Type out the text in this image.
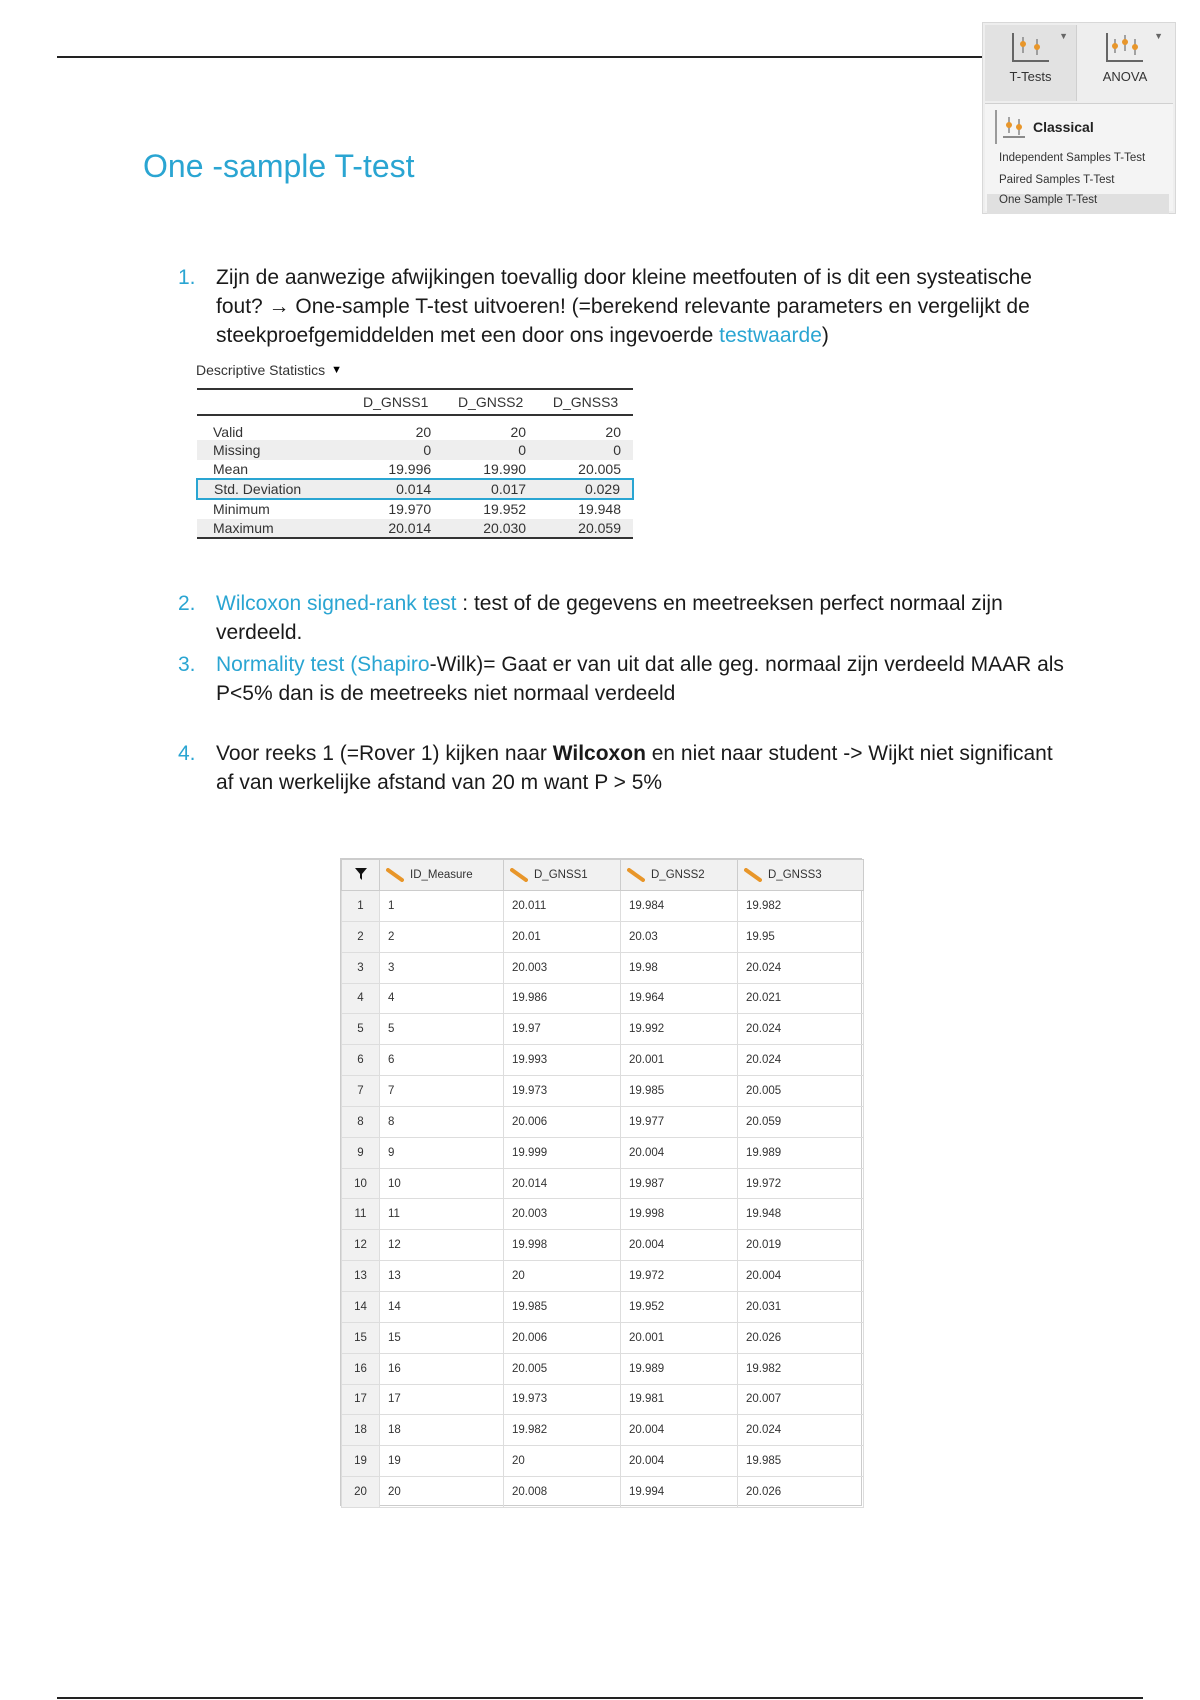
One -sample T-test
▼
T-Tests
▼
ANOVA
Classical
Independent Samples T-Test
Paired Samples T-Test
One Sample T-Test
1. Zijn de aanwezige afwijkingen toevallig door kleine meetfouten of is dit een systeatische fout? → One-sample T-test uitvoeren! (=berekend relevante parameters en vergelijkt de steekproefgemiddelden met een door ons ingevoerde testwaarde)
Descriptive Statistics ▼
	D_GNSS1	D_GNSS2	D_GNSS3
Valid	20	20	20
Missing	0	0	0
Mean	19.996	19.990	20.005
Std. Deviation	0.014	0.017	0.029
Minimum	19.970	19.952	19.948
Maximum	20.014	20.030	20.059
2. Wilcoxon signed-rank test : test of de gegevens en meetreeksen perfect normaal zijn verdeeld.
3. Normality test (Shapiro-Wilk)= Gaat er van uit dat alle geg. normaal zijn verdeeld MAAR als P<5% dan is de meetreeks niet normaal verdeeld
4. Voor reeks 1 (=Rover 1) kijken naar Wilcoxon en niet naar student -> Wijkt niet significant af van werkelijke afstand van 20 m want P > 5%
	ID_Measure	D_GNSS1	D_GNSS2	D_GNSS3
1	1	20.011	19.984	19.982
2	2	20.01	20.03	19.95
3	3	20.003	19.98	20.024
4	4	19.986	19.964	20.021
5	5	19.97	19.992	20.024
6	6	19.993	20.001	20.024
7	7	19.973	19.985	20.005
8	8	20.006	19.977	20.059
9	9	19.999	20.004	19.989
10	10	20.014	19.987	19.972
11	11	20.003	19.998	19.948
12	12	19.998	20.004	20.019
13	13	20	19.972	20.004
14	14	19.985	19.952	20.031
15	15	20.006	20.001	20.026
16	16	20.005	19.989	19.982
17	17	19.973	19.981	20.007
18	18	19.982	20.004	20.024
19	19	20	20.004	19.985
20	20	20.008	19.994	20.026
